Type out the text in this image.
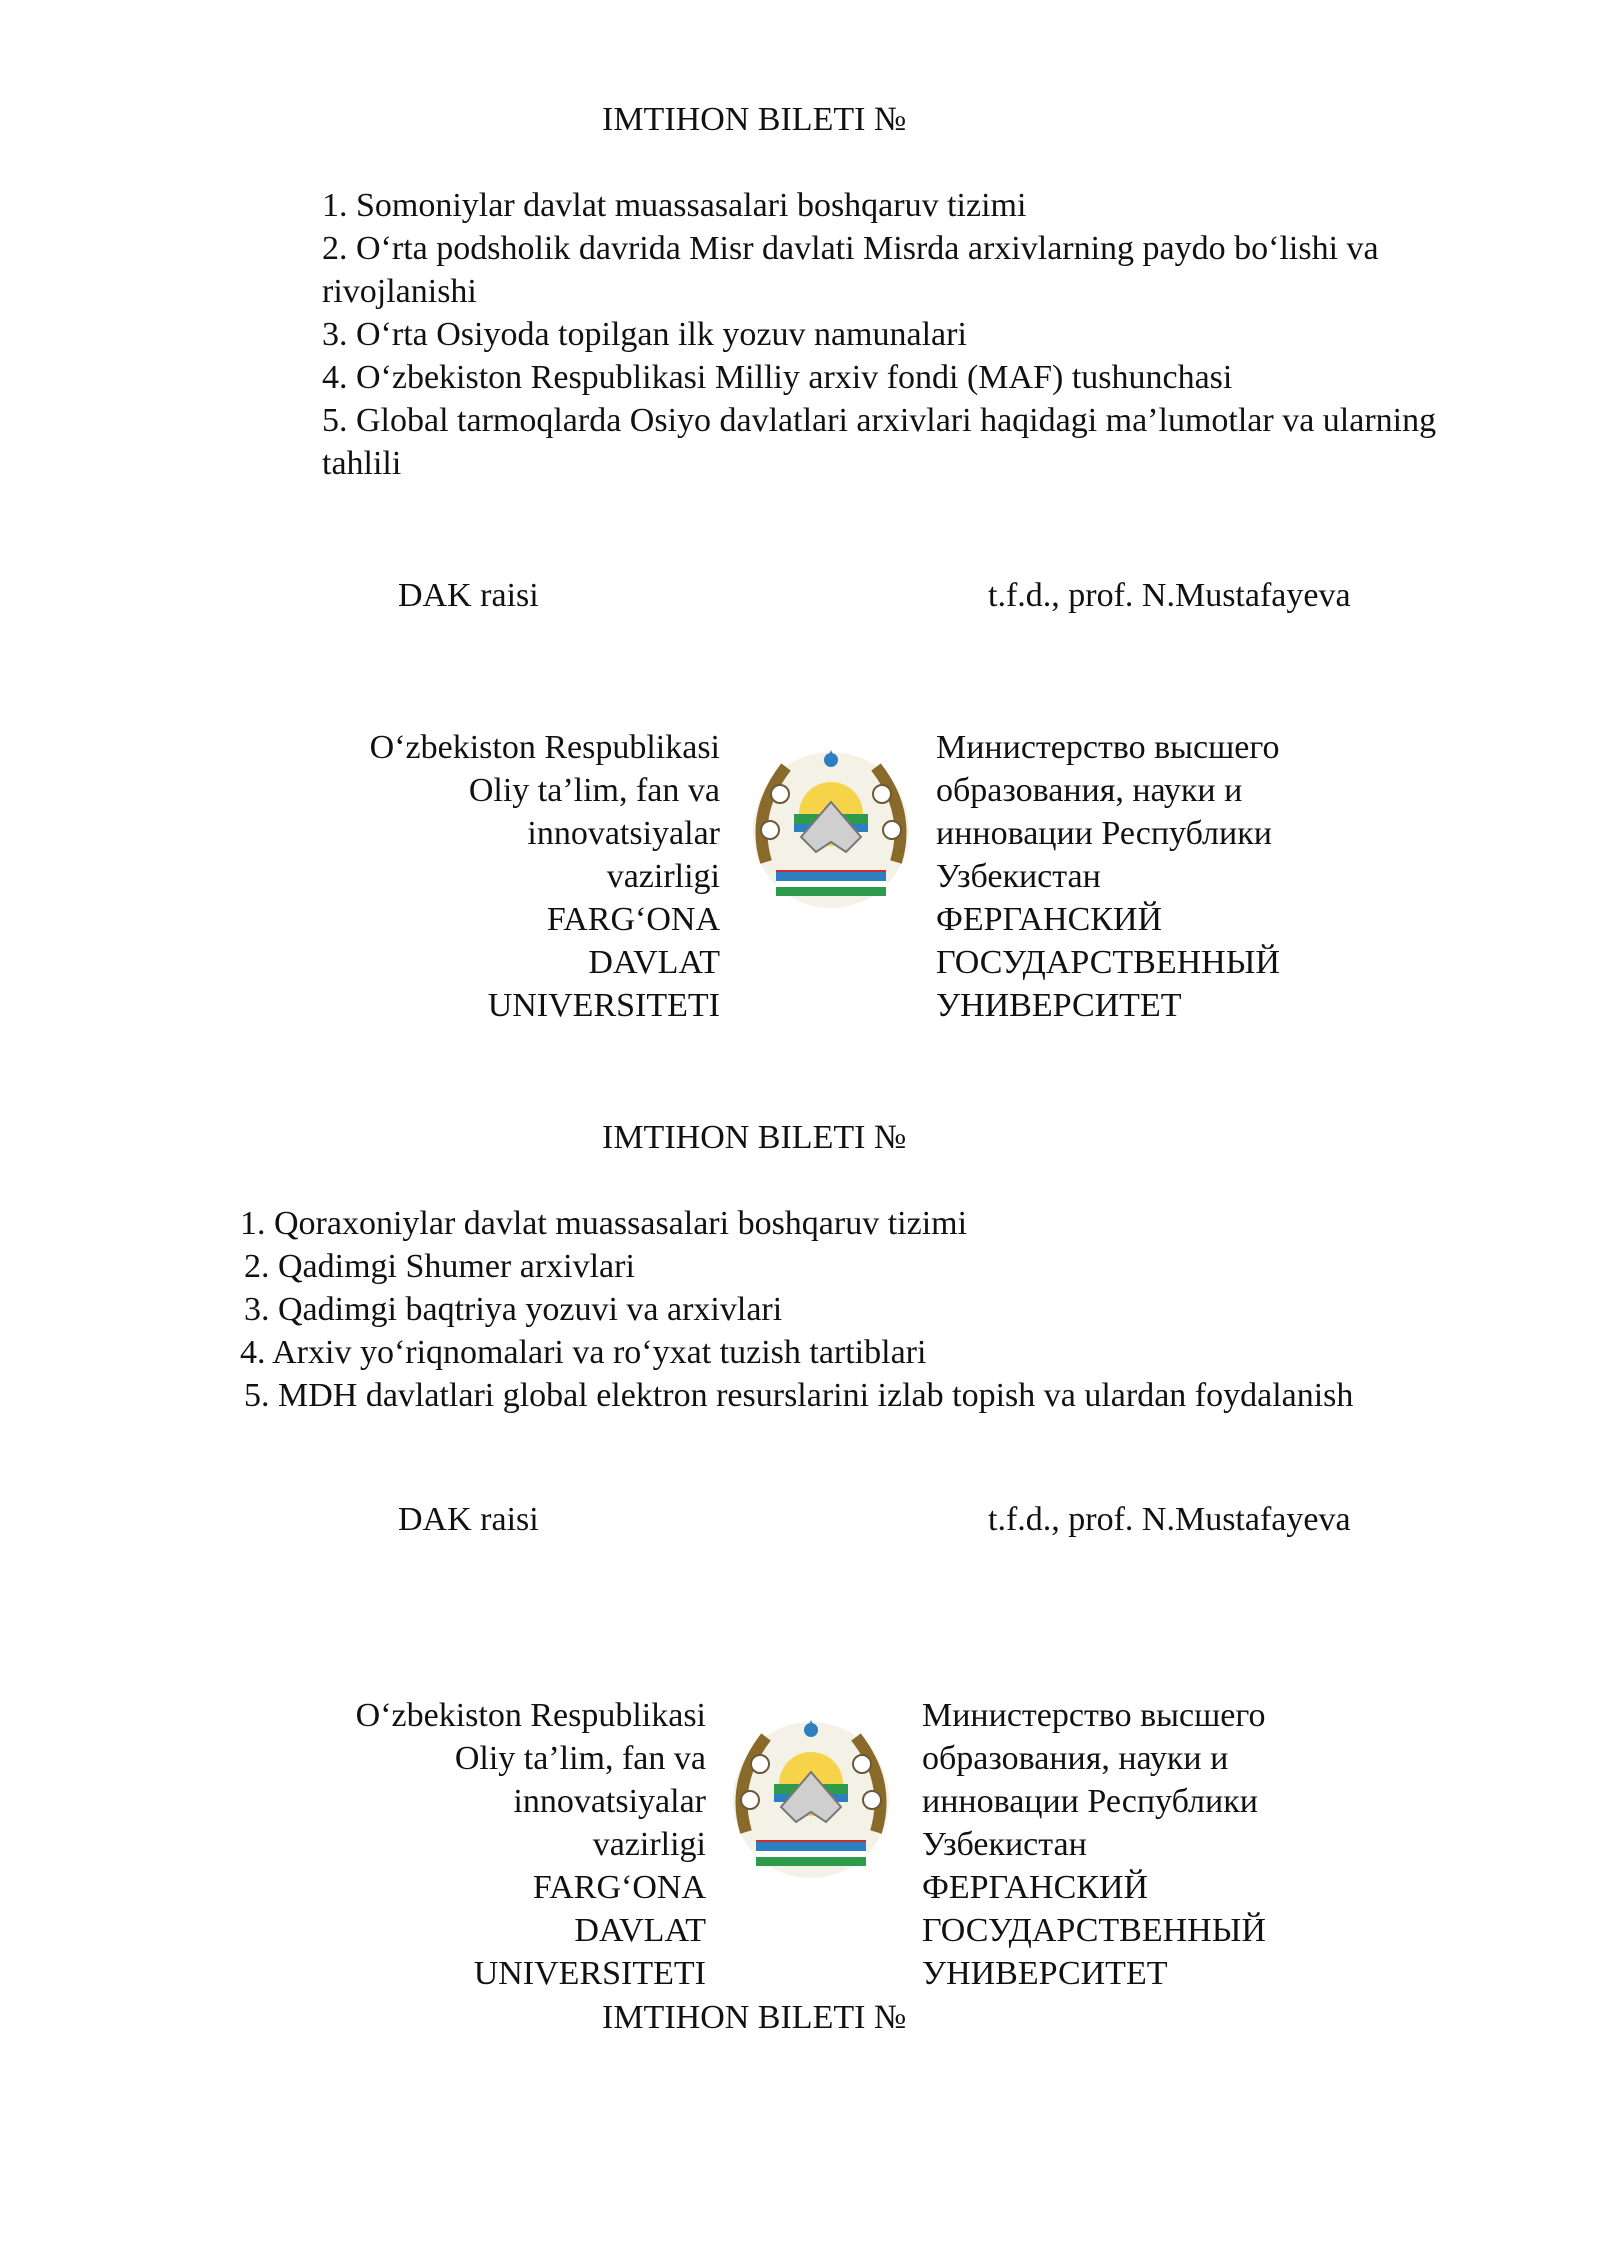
IMTIHON BILETI №
1. Somoniylar davlat muassasalari boshqaruv tizimi
2. O‘rta podsholik davrida Misr davlati Misrda arxivlarning paydo bo‘lishi va rivojlanishi
3. O‘rta Osiyoda topilgan ilk yozuv namunalari
4. O‘zbekiston Respublikasi Milliy arxiv fondi (MAF) tushunchasi
5. Global tarmoqlarda Osiyo davlatlari arxivlari haqidagi ma’lumotlar va ularning tahlili
DAK raisi	t.f.d., prof. N.Mustafayeva
O‘zbekiston Respublikasi
Oliy ta’lim, fan va
innovatsiyalar
vazirligi
FARG‘ONA
DAVLAT
UNIVERSITETI
Министерство высшего
образования, науки и
инновации Республики
Узбекистан
ФЕРГАНСКИЙ
ГОСУДАРСТВЕННЫЙ
УНИВЕРСИТЕТ
IMTIHON BILETI №
1. Qoraxoniylar davlat muassasalari boshqaruv tizimi
2. Qadimgi Shumer arxivlari
3. Qadimgi baqtriya yozuvi va arxivlari
4. Arxiv yo‘riqnomalari va ro‘yxat tuzish tartiblari
5. MDH davlatlari global elektron resurslarini izlab topish va ulardan foydalanish
DAK raisi	t.f.d., prof. N.Mustafayeva
O‘zbekiston Respublikasi
Oliy ta’lim, fan va
innovatsiyalar
vazirligi
FARG‘ONA
DAVLAT
UNIVERSITETI
Министерство высшего
образования, науки и
инновации Республики
Узбекистан
ФЕРГАНСКИЙ
ГОСУДАРСТВЕННЫЙ
УНИВЕРСИТЕТ
IMTIHON BILETI №
